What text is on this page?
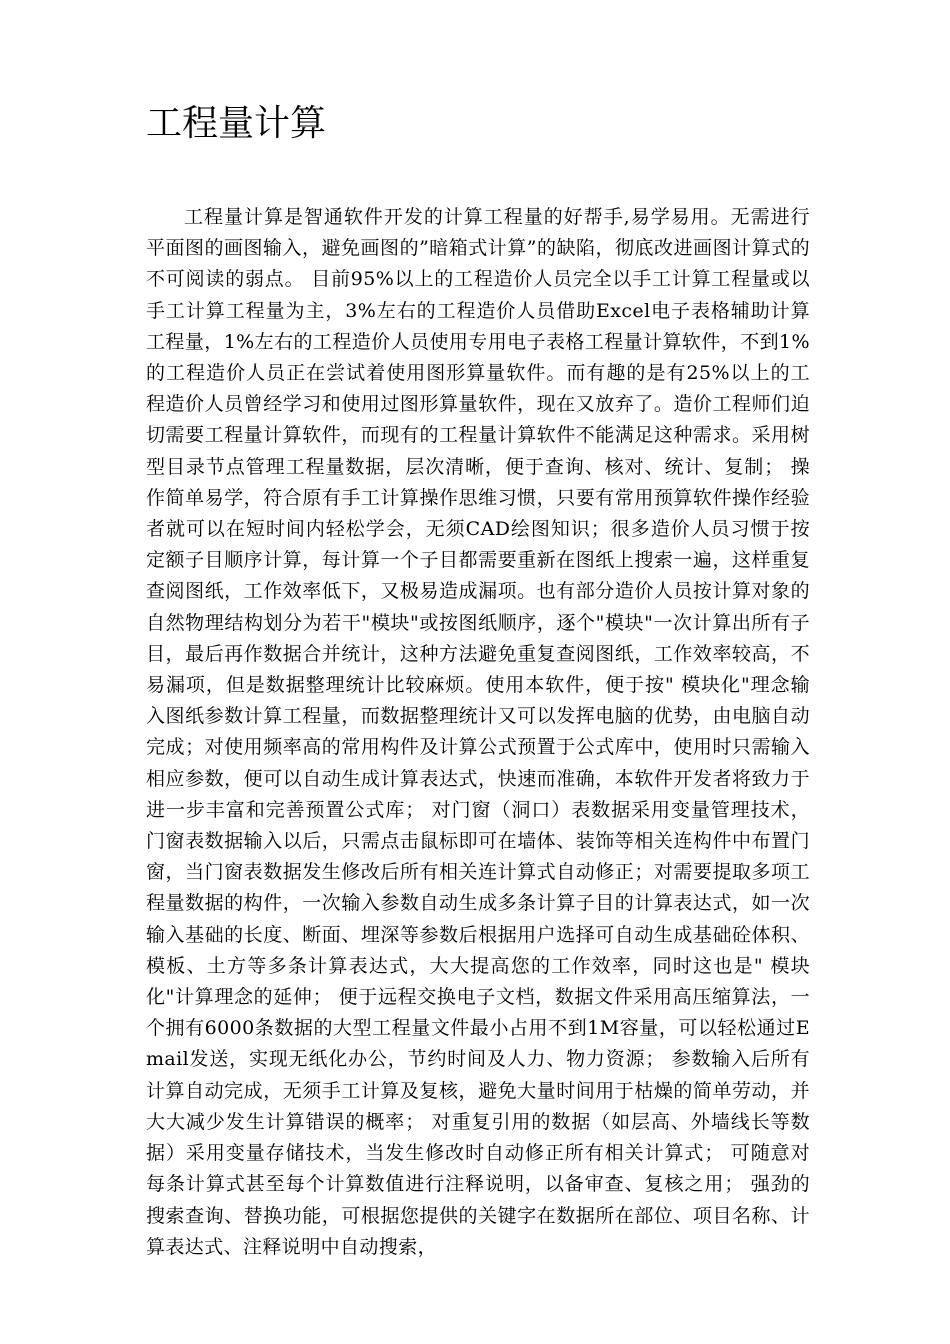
工程量计算

工程量计算是智通软件开发的计算工程量的好帮手,易学易用。无需进行平面图的画图输入，避免画图的”暗箱式计算”的缺陷，彻底改进画图计算式的不可阅读的弱点。 目前95%以上的工程造价人员完全以手工计算工程量或以手工计算工程量为主，3%左右的工程造价人员借助Excel电子表格辅助计算工程量，1%左右的工程造价人员使用专用电子表格工程量计算软件，不到1%的工程造价人员正在尝试着使用图形算量软件。而有趣的是有25%以上的工程造价人员曾经学习和使用过图形算量软件，现在又放弃了。造价工程师们迫切需要工程量计算软件，而现有的工程量计算软件不能满足这种需求。采用树型目录节点管理工程量数据，层次清晰，便于查询、核对、统计、复制； 操作简单易学，符合原有手工计算操作思维习惯，只要有常用预算软件操作经验者就可以在短时间内轻松学会，无须CAD绘图知识；很多造价人员习惯于按定额子目顺序计算，每计算一个子目都需要重新在图纸上搜索一遍，这样重复查阅图纸，工作效率低下，又极易造成漏项。也有部分造价人员按计算对象的自然物理结构划分为若干"模块"或按图纸顺序，逐个"模块"一次计算出所有子目，最后再作数据合并统计，这种方法避免重复查阅图纸，工作效率较高，不易漏项，但是数据整理统计比较麻烦。使用本软件，便于按" 模块化"理念输入图纸参数计算工程量，而数据整理统计又可以发挥电脑的优势，由电脑自动完成；对使用频率高的常用构件及计算公式预置于公式库中，使用时只需输入相应参数，便可以自动生成计算表达式，快速而准确，本软件开发者将致力于进一步丰富和完善预置公式库； 对门窗（洞口）表数据采用变量管理技术，门窗表数据输入以后，只需点击鼠标即可在墙体、装饰等相关连构件中布置门窗，当门窗表数据发生修改后所有相关连计算式自动修正；对需要提取多项工程量数据的构件，一次输入参数自动生成多条计算子目的计算表达式，如一次输入基础的长度、断面、埋深等参数后根据用户选择可自动生成基础砼体积、模板、土方等多条计算表达式，大大提高您的工作效率，同时这也是" 模块化"计算理念的延伸； 便于远程交换电子文档，数据文件采用高压缩算法，一个拥有6000条数据的大型工程量文件最小占用不到1M容量，可以轻松通过Email发送，实现无纸化办公，节约时间及人力、物力资源； 参数输入后所有计算自动完成，无须手工计算及复核，避免大量时间用于枯燥的简单劳动，并大大减少发生计算错误的概率； 对重复引用的数据（如层高、外墙线长等数据）采用变量存储技术，当发生修改时自动修正所有相关计算式； 可随意对每条计算式甚至每个计算数值进行注释说明，以备审查、复核之用； 强劲的搜索查询、替换功能，可根据您提供的关键字在数据所在部位、项目名称、计算表达式、注释说明中自动搜索，
